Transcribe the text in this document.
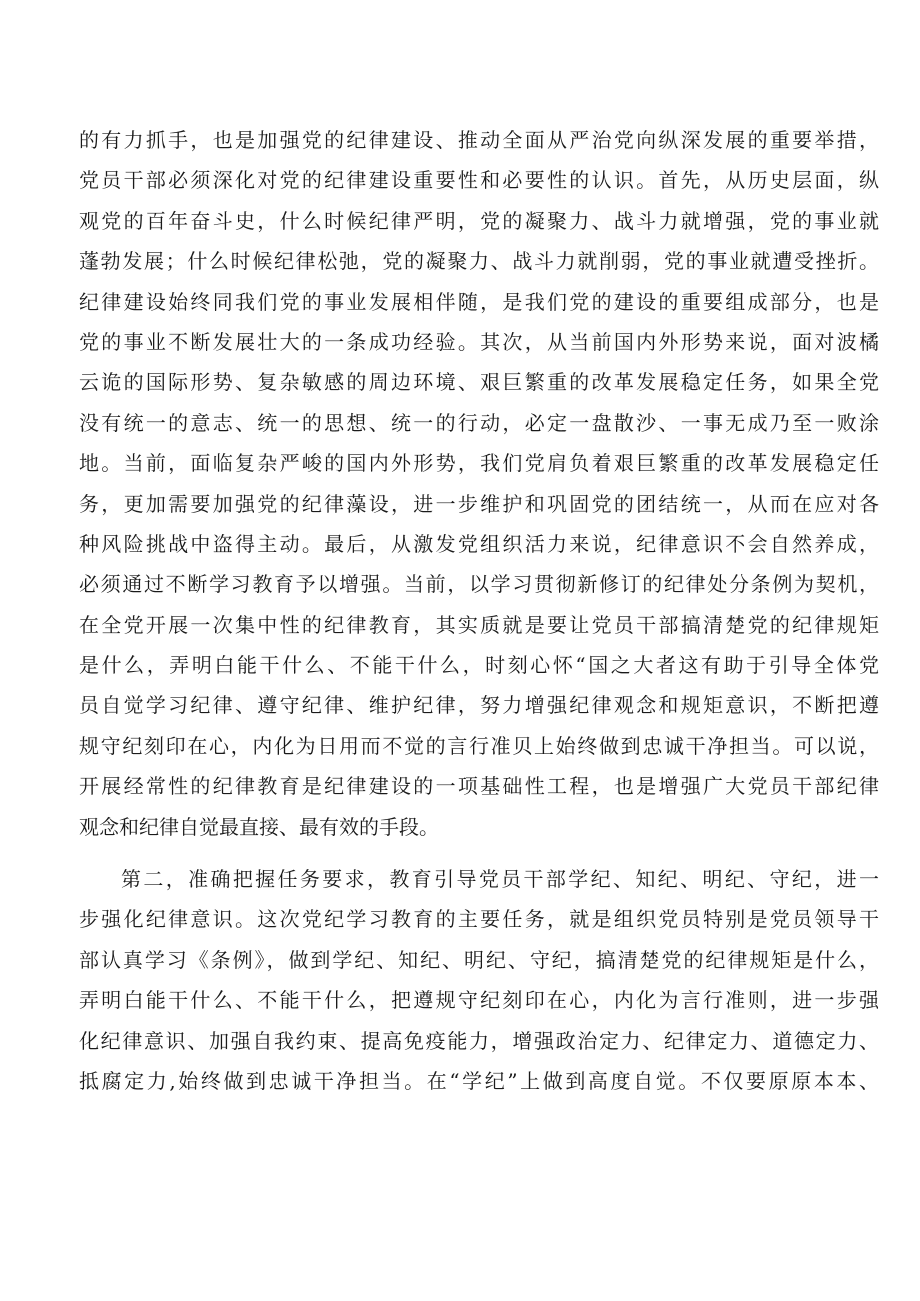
的有力抓手，也是加强党的纪律建设、推动全面从严治党向纵深发展的重要举措，
党员干部必须深化对党的纪律建设重要性和必要性的认识。首先，从历史层面，纵
观党的百年奋斗史，什么时候纪律严明，党的凝聚力、战斗力就增强，党的事业就
蓬勃发展；什么时候纪律松弛，党的凝聚力、战斗力就削弱，党的事业就遭受挫折。
纪律建设始终同我们党的事业发展相伴随，是我们党的建设的重要组成部分，也是
党的事业不断发展壮大的一条成功经验。其次，从当前国内外形势来说，面对波橘
云诡的国际形势、复杂敏感的周边环境、艰巨繁重的改革发展稳定任务，如果全党
没有统一的意志、统一的思想、统一的行动，必定一盘散沙、一事无成乃至一败涂
地。当前，面临复杂严峻的国内外形势，我们党肩负着艰巨繁重的改革发展稳定任
务，更加需要加强党的纪律藻设，进一步维护和巩固党的团结统一，从而在应对各
种风险挑战中盗得主动。最后，从激发党组织活力来说，纪律意识不会自然养成，
必须通过不断学习教育予以增强。当前，以学习贯彻新修订的纪律处分条例为契机，
在全党开展一次集中性的纪律教育，其实质就是要让党员干部搞清楚党的纪律规矩
是什么，弄明白能干什么、不能干什么，时刻心怀“国之大者这有助于引导全体党
员自觉学习纪律、遵守纪律、维护纪律，努力增强纪律观念和规矩意识，不断把遵
规守纪刻印在心，内化为日用而不觉的言行准贝上始终做到忠诚干净担当。可以说，
开展经常性的纪律教育是纪律建设的一项基础性工程，也是增强广大党员干部纪律
观念和纪律自觉最直接、最有效的手段。
第二，准确把握任务要求，教育引导党员干部学纪、知纪、明纪、守纪，进一
步强化纪律意识。这次党纪学习教育的主要任务，就是组织党员特别是党员领导干
部认真学习《条例》，做到学纪、知纪、明纪、守纪，搞清楚党的纪律规矩是什么，
弄明白能干什么、不能干什么，把遵规守纪刻印在心，内化为言行准则，进一步强
化纪律意识、加强自我约束、提高免疫能力，增强政治定力、纪律定力、道德定力、
抵腐定力,始终做到忠诚干净担当。在“学纪”上做到高度自觉。不仅要原原本本、
